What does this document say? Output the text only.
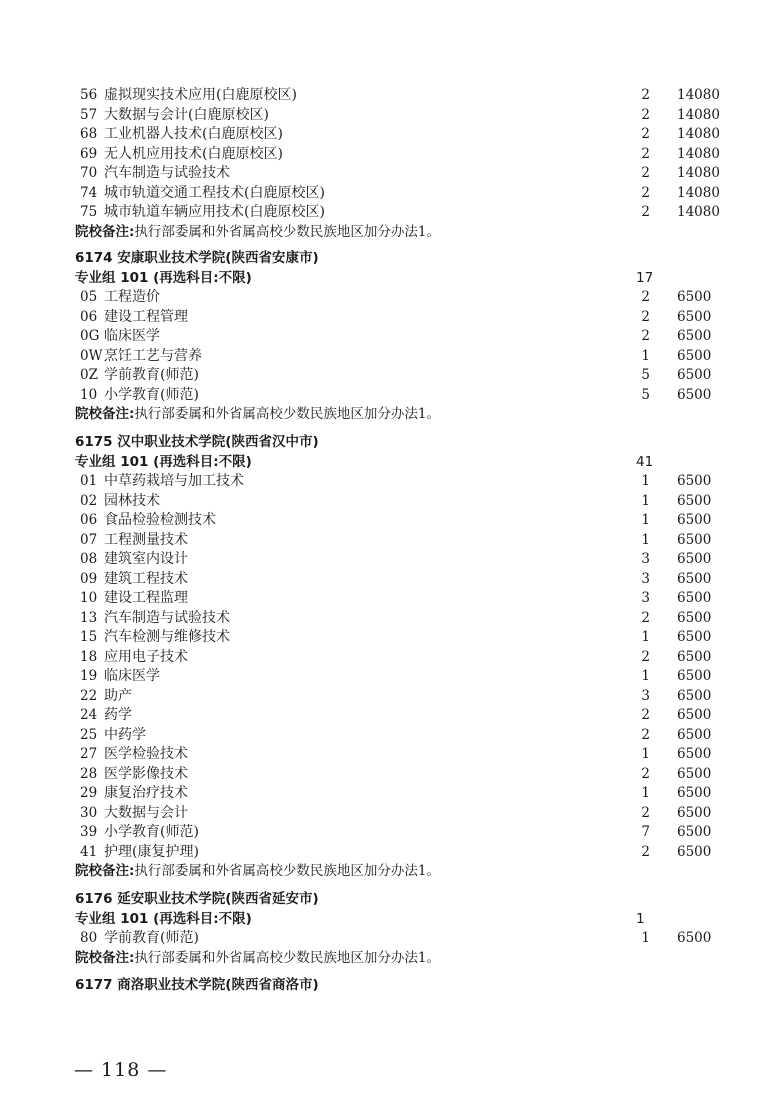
56 虚拟现实技术应用(白鹿原校区)	2 14080
57 大数据与会计(白鹿原校区)	2 14080
68 工业机器人技术(白鹿原校区)	2 14080
69 无人机应用技术(白鹿原校区)	2 14080
70 汽车制造与试验技术	2 14080
74 城市轨道交通工程技术(白鹿原校区)	2 14080
75 城市轨道车辆应用技术(白鹿原校区)	2 14080
院校备注:执行部委属和外省属高校少数民族地区加分办法1。
6174 安康职业技术学院(陕西省安康市)
专业组 101 (再选科目:不限)	17
05 工程造价	2 6500
06 建设工程管理	2 6500
0G 临床医学	2 6500
0W 烹饪工艺与营养	1 6500
0Z 学前教育(师范)	5 6500
10 小学教育(师范)	5 6500
院校备注:执行部委属和外省属高校少数民族地区加分办法1。
6175 汉中职业技术学院(陕西省汉中市)
专业组 101 (再选科目:不限)	41
01 中草药栽培与加工技术	1 6500
02 园林技术	1 6500
06 食品检验检测技术	1 6500
07 工程测量技术	1 6500
08 建筑室内设计	3 6500
09 建筑工程技术	3 6500
10 建设工程监理	3 6500
13 汽车制造与试验技术	2 6500
15 汽车检测与维修技术	1 6500
18 应用电子技术	2 6500
19 临床医学	1 6500
22 助产	3 6500
24 药学	2 6500
25 中药学	2 6500
27 医学检验技术	1 6500
28 医学影像技术	2 6500
29 康复治疗技术	1 6500
30 大数据与会计	2 6500
39 小学教育(师范)	7 6500
41 护理(康复护理)	2 6500
院校备注:执行部委属和外省属高校少数民族地区加分办法1。
6176 延安职业技术学院(陕西省延安市)
专业组 101 (再选科目:不限)	1
80 学前教育(师范)	1 6500
院校备注:执行部委属和外省属高校少数民族地区加分办法1。
6177 商洛职业技术学院(陕西省商洛市)
— 118 —
